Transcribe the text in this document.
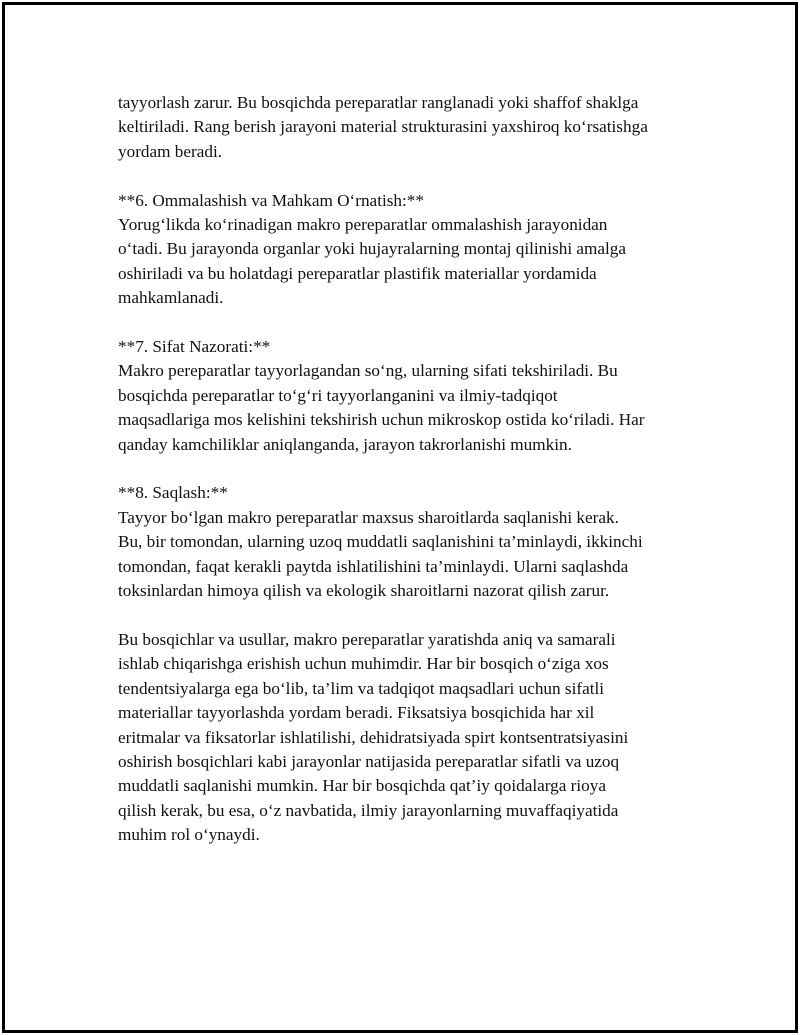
tayyorlash zarur. Bu bosqichda pereparatlar ranglanadi yoki shaffof shaklga
keltiriladi. Rang berish jarayoni material strukturasini yaxshiroq ko‘rsatishga
yordam beradi.
**6. Ommalashish va Mahkam O‘rnatish:**
Yorug‘likda ko‘rinadigan makro pereparatlar ommalashish jarayonidan
o‘tadi. Bu jarayonda organlar yoki hujayralarning montaj qilinishi amalga
oshiriladi va bu holatdagi pereparatlar plastifik materiallar yordamida
mahkamlanadi.
**7. Sifat Nazorati:**
Makro pereparatlar tayyorlagandan so‘ng, ularning sifati tekshiriladi. Bu
bosqichda pereparatlar to‘g‘ri tayyorlanganini va ilmiy-tadqiqot
maqsadlariga mos kelishini tekshirish uchun mikroskop ostida ko‘riladi. Har
qanday kamchiliklar aniqlanganda, jarayon takrorlanishi mumkin.
**8. Saqlash:**
Tayyor bo‘lgan makro pereparatlar maxsus sharoitlarda saqlanishi kerak.
Bu, bir tomondan, ularning uzoq muddatli saqlanishini ta’minlaydi, ikkinchi
tomondan, faqat kerakli paytda ishlatilishini ta’minlaydi. Ularni saqlashda
toksinlardan himoya qilish va ekologik sharoitlarni nazorat qilish zarur.
Bu bosqichlar va usullar, makro pereparatlar yaratishda aniq va samarali
ishlab chiqarishga erishish uchun muhimdir. Har bir bosqich o‘ziga xos
tendentsiyalarga ega bo‘lib, ta’lim va tadqiqot maqsadlari uchun sifatli
materiallar tayyorlashda yordam beradi. Fiksatsiya bosqichida har xil
eritmalar va fiksatorlar ishlatilishi, dehidratsiyada spirt kontsentratsiyasini
oshirish bosqichlari kabi jarayonlar natijasida pereparatlar sifatli va uzoq
muddatli saqlanishi mumkin. Har bir bosqichda qat’iy qoidalarga rioya
qilish kerak, bu esa, o‘z navbatida, ilmiy jarayonlarning muvaffaqiyatida
muhim rol o‘ynaydi.
